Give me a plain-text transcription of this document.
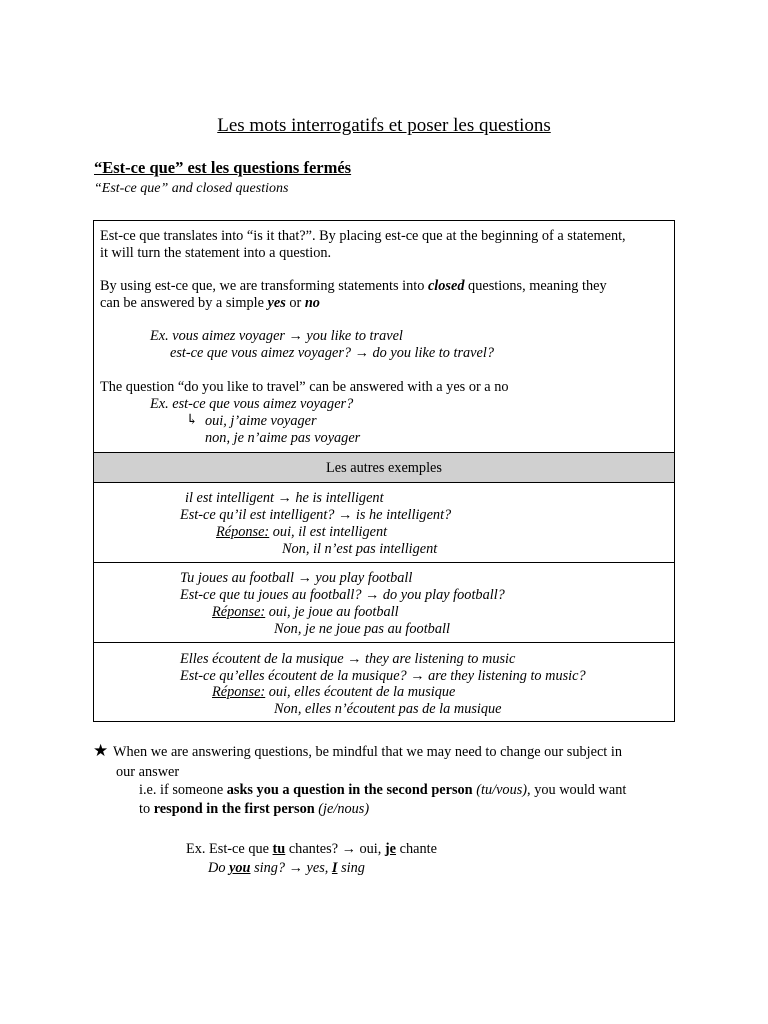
Les mots interrogatifs et poser les questions
“Est-ce que” est les questions fermés
“Est-ce que” and closed questions
Est-ce que translates into “is it that?”. By placing est-ce que at the beginning of a statement,
it will turn the statement into a question.
By using est-ce que, we are transforming statements into closed questions, meaning they
can be answered by a simple yes or no
Ex. vous aimez voyager → you like to travel
est-ce que vous aimez voyager? → do you like to travel?
The question “do you like to travel” can be answered with a yes or a no
Ex. est-ce que vous aimez voyager?
↳ oui, j’aime voyager
non, je n’aime pas voyager
Les autres exemples
il est intelligent → he is intelligent
Est-ce qu’il est intelligent? → is he intelligent?
Réponse: oui, il est intelligent
Non, il n’est pas intelligent
Tu joues au football → you play football
Est-ce que tu joues au football? → do you play football?
Réponse: oui, je joue au football
Non, je ne joue pas au football
Elles écoutent de la musique → they are listening to music
Est-ce qu’elles écoutent de la musique? → are they listening to music?
Réponse: oui, elles écoutent de la musique
Non, elles n’écoutent pas de la musique
★ When we are answering questions, be mindful that we may need to change our subject in
our answer
i.e. if someone asks you a question in the second person (tu/vous), you would want
to respond in the first person (je/nous)
Ex. Est-ce que tu chantes? → oui, je chante
Do you sing? → yes, I sing
